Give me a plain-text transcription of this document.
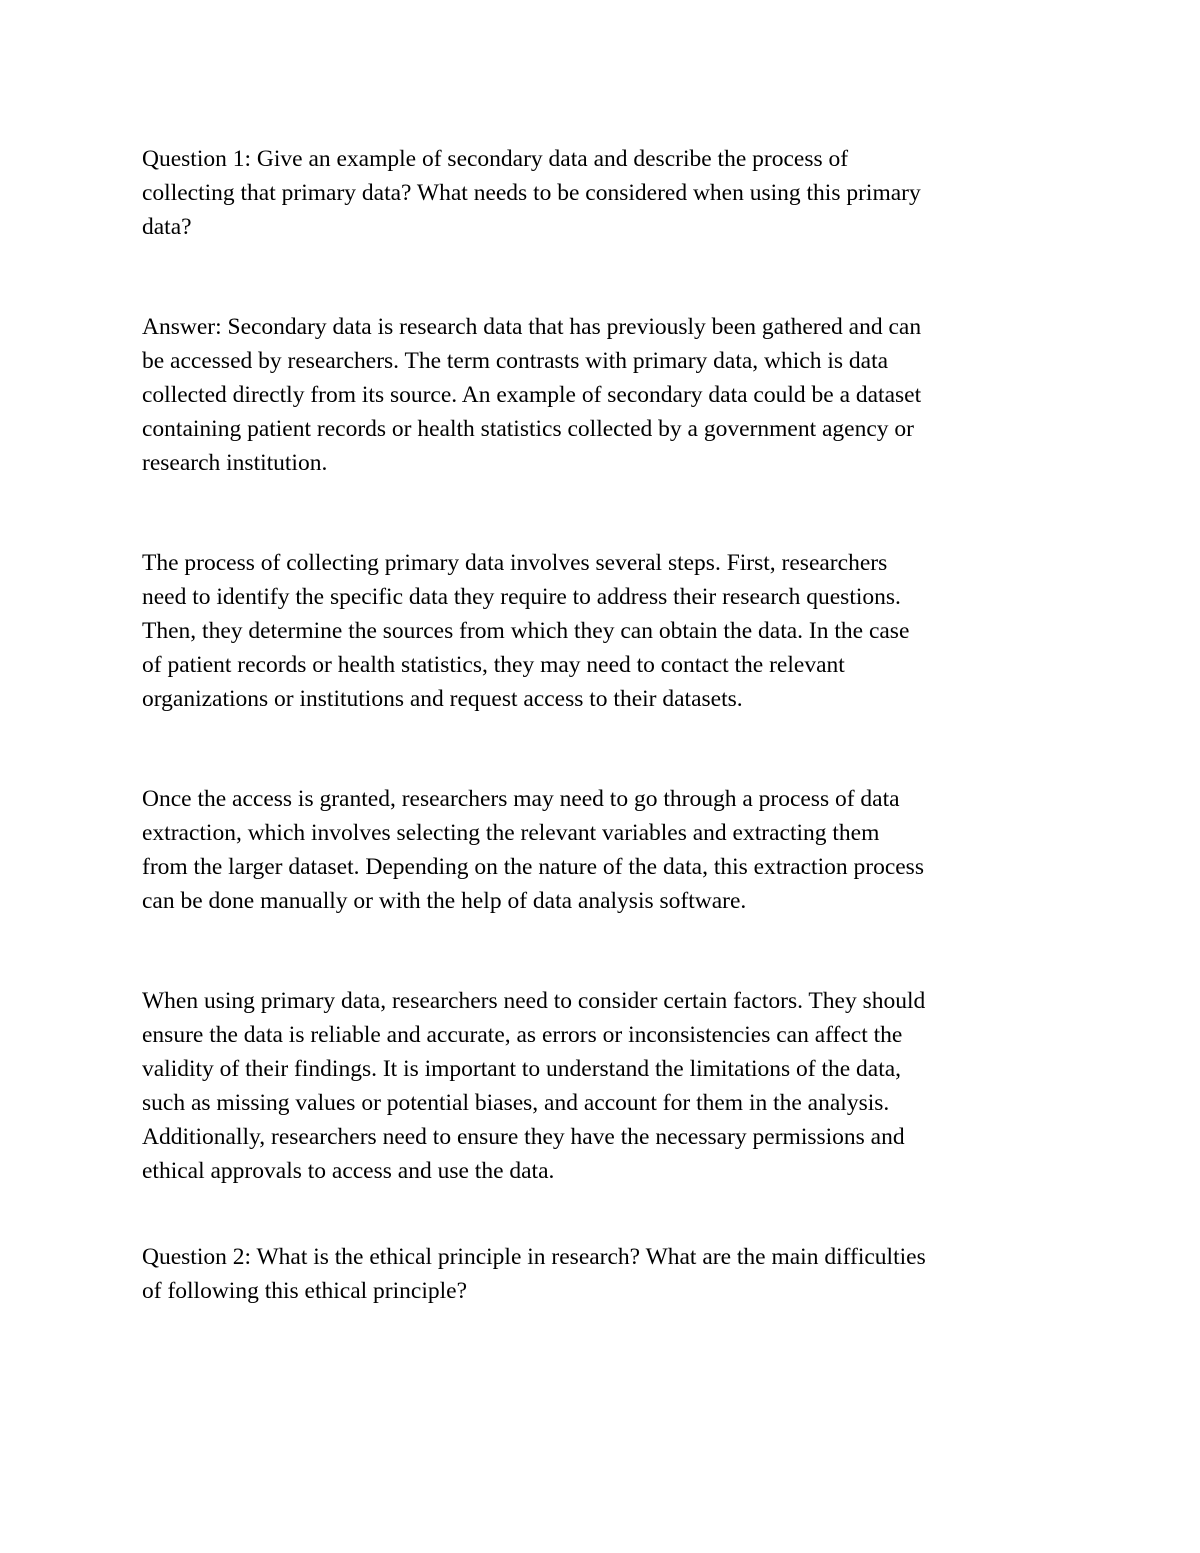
Question 1: Give an example of secondary data and describe the process of
collecting that primary data? What needs to be considered when using this primary
data?

Answer: Secondary data is research data that has previously been gathered and can
be accessed by researchers. The term contrasts with primary data, which is data
collected directly from its source. An example of secondary data could be a dataset
containing patient records or health statistics collected by a government agency or
research institution.

The process of collecting primary data involves several steps. First, researchers
need to identify the specific data they require to address their research questions.
Then, they determine the sources from which they can obtain the data. In the case
of patient records or health statistics, they may need to contact the relevant
organizations or institutions and request access to their datasets.

Once the access is granted, researchers may need to go through a process of data
extraction, which involves selecting the relevant variables and extracting them
from the larger dataset. Depending on the nature of the data, this extraction process
can be done manually or with the help of data analysis software.

When using primary data, researchers need to consider certain factors. They should
ensure the data is reliable and accurate, as errors or inconsistencies can affect the
validity of their findings. It is important to understand the limitations of the data,
such as missing values or potential biases, and account for them in the analysis.
Additionally, researchers need to ensure they have the necessary permissions and
ethical approvals to access and use the data.

Question 2: What is the ethical principle in research? What are the main difficulties
of following this ethical principle?
